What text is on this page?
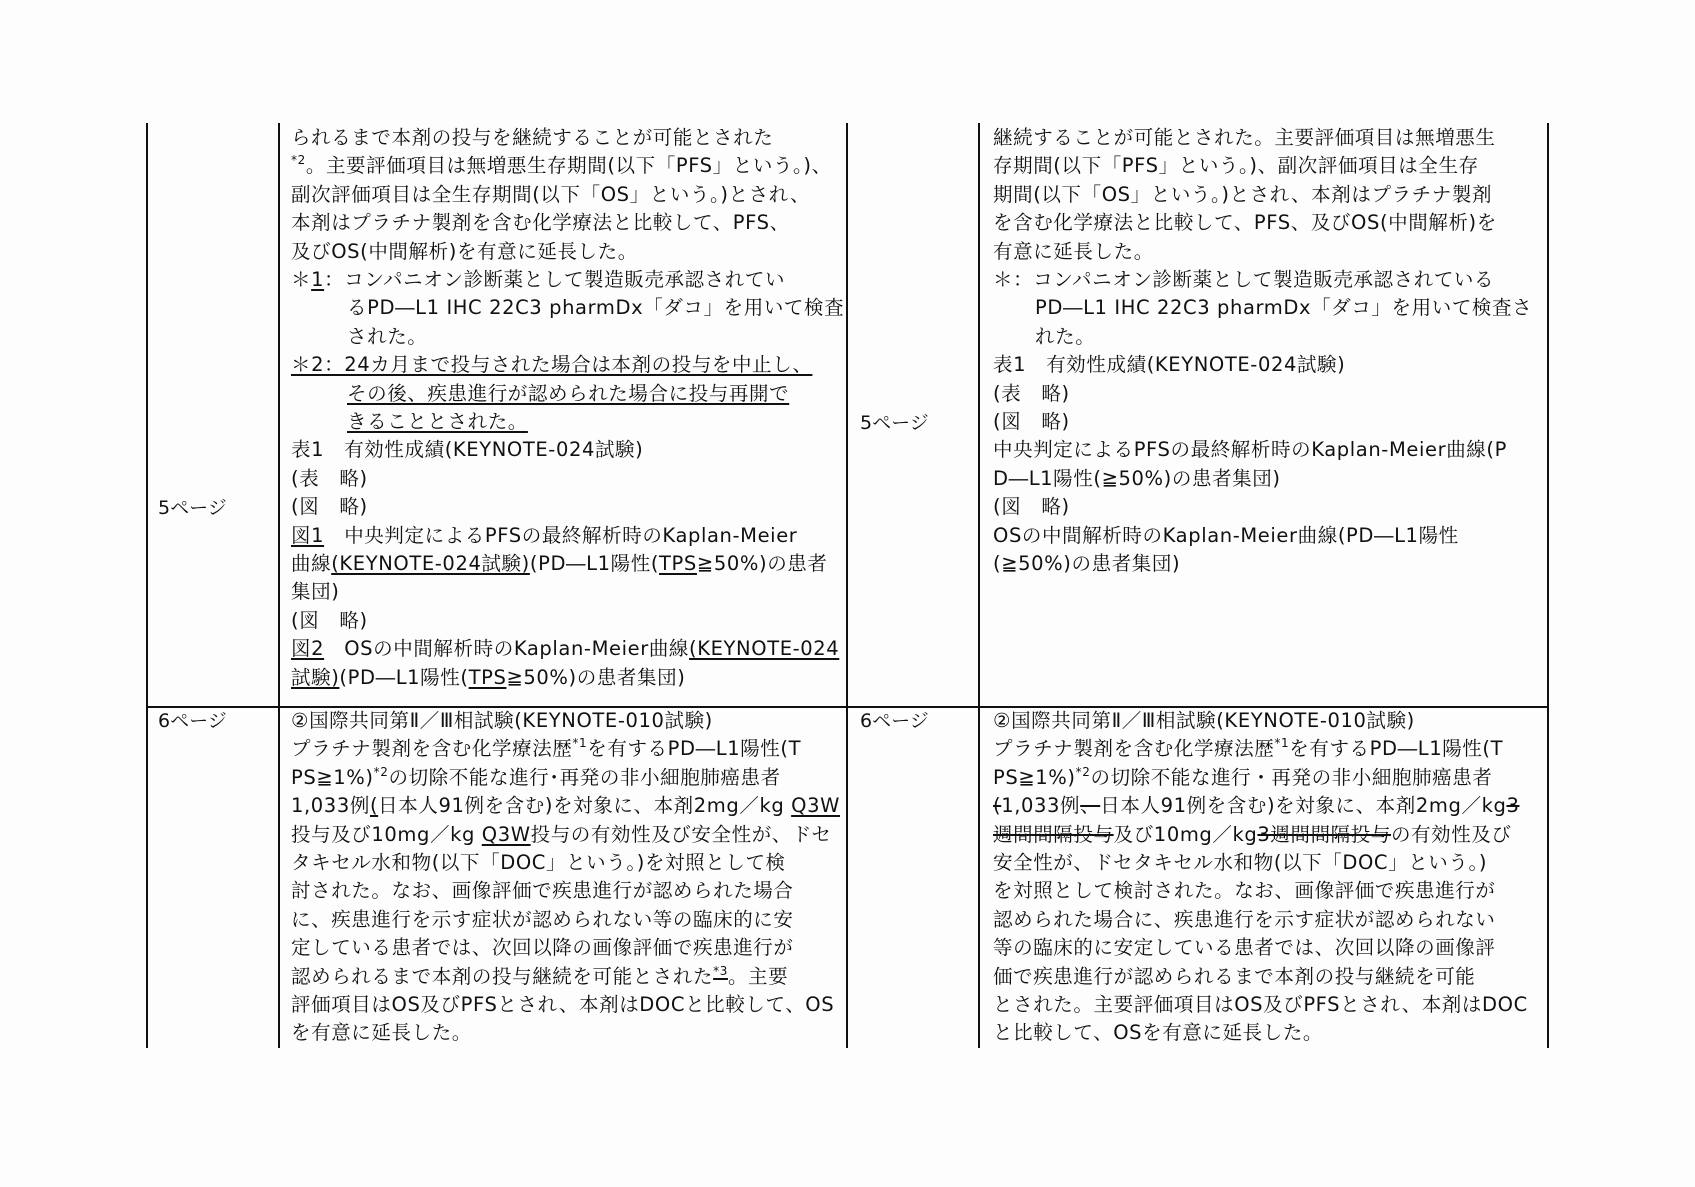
5ページ
られるまで本剤の投与を継続することが可能とされた
$^{*2}$。主要評価項目は無増悪生存期間(以下「PFS」という。)、
副次評価項目は全生存期間(以下「OS」という。)とされ、
本剤はプラチナ製剤を含む化学療法と比較して、PFS、
及びOS(中間解析)を有意に延長した。
＊1：コンパニオン診断薬として製造販売承認されてい
るPD―L1 IHC 22C3 pharmDx「ダコ」を用いて検査
された。
＊2：24カ月まで投与された場合は本剤の投与を中止し、
その後、疾患進行が認められた場合に投与再開で
きることとされた。
表1　有効性成績(KEYNOTE-024試験)
(表　略)
(図　略)
図1　中央判定によるPFSの最終解析時のKaplan-Meier
曲線(KEYNOTE-024試験)(PD―L1陽性(TPS≧50%)の患者
集団)
(図　略)
図2　OSの中間解析時のKaplan-Meier曲線(KEYNOTE-024
試験)(PD―L1陽性(TPS≧50%)の患者集団)
5ページ
継続することが可能とされた。主要評価項目は無増悪生
存期間(以下「PFS」という。)、副次評価項目は全生存
期間(以下「OS」という。)とされ、本剤はプラチナ製剤
を含む化学療法と比較して、PFS、及びOS(中間解析)を
有意に延長した。
＊：コンパニオン診断薬として製造販売承認されている
PD―L1 IHC 22C3 pharmDx「ダコ」を用いて検査さ
れた。
表1　有効性成績(KEYNOTE-024試験)
(表　略)
(図　略)
中央判定によるPFSの最終解析時のKaplan-Meier曲線(P
D―L1陽性(≧50%)の患者集団)
(図　略)
OSの中間解析時のKaplan-Meier曲線(PD―L1陽性
(≧50%)の患者集団)
6ページ	②国際共同第Ⅱ／Ⅲ相試験(KEYNOTE-010試験)
プラチナ製剤を含む化学療法歴$^{*1}$を有するPD―L1陽性(T
PS≧1%)$^{*2}$の切除不能な進行･再発の非小細胞肺癌患者
1,033例(日本人91例を含む)を対象に、本剤2mg／kg Q3W
投与及び10mg／kg Q3W投与の有効性及び安全性が、ドセ
タキセル水和物(以下「DOC」という。)を対照として検
討された。なお、画像評価で疾患進行が認められた場合
に、疾患進行を示す症状が認められない等の臨床的に安
定している患者では、次回以降の画像評価で疾患進行が
認められるまで本剤の投与継続を可能とされた$^{*3}$。主要
評価項目はOS及びPFSとされ、本剤はDOCと比較して、OS
を有意に延長した。
6ページ	②国際共同第Ⅱ／Ⅲ相試験(KEYNOTE-010試験)
プラチナ製剤を含む化学療法歴$^{*1}$を有するPD―L1陽性(T
PS≧1%)$^{*2}$の切除不能な進行・再発の非小細胞肺癌患者
(1,033例、日本人91例を含む)を対象に、本剤2mg／kg3
週間間隔投与及び10mg／kg3週間間隔投与の有効性及び
安全性が、ドセタキセル水和物(以下「DOC」という。)
を対照として検討された。なお、画像評価で疾患進行が
認められた場合に、疾患進行を示す症状が認められない
等の臨床的に安定している患者では、次回以降の画像評
価で疾患進行が認められるまで本剤の投与継続を可能
とされた。主要評価項目はOS及びPFSとされ、本剤はDOC
と比較して、OSを有意に延長した。
